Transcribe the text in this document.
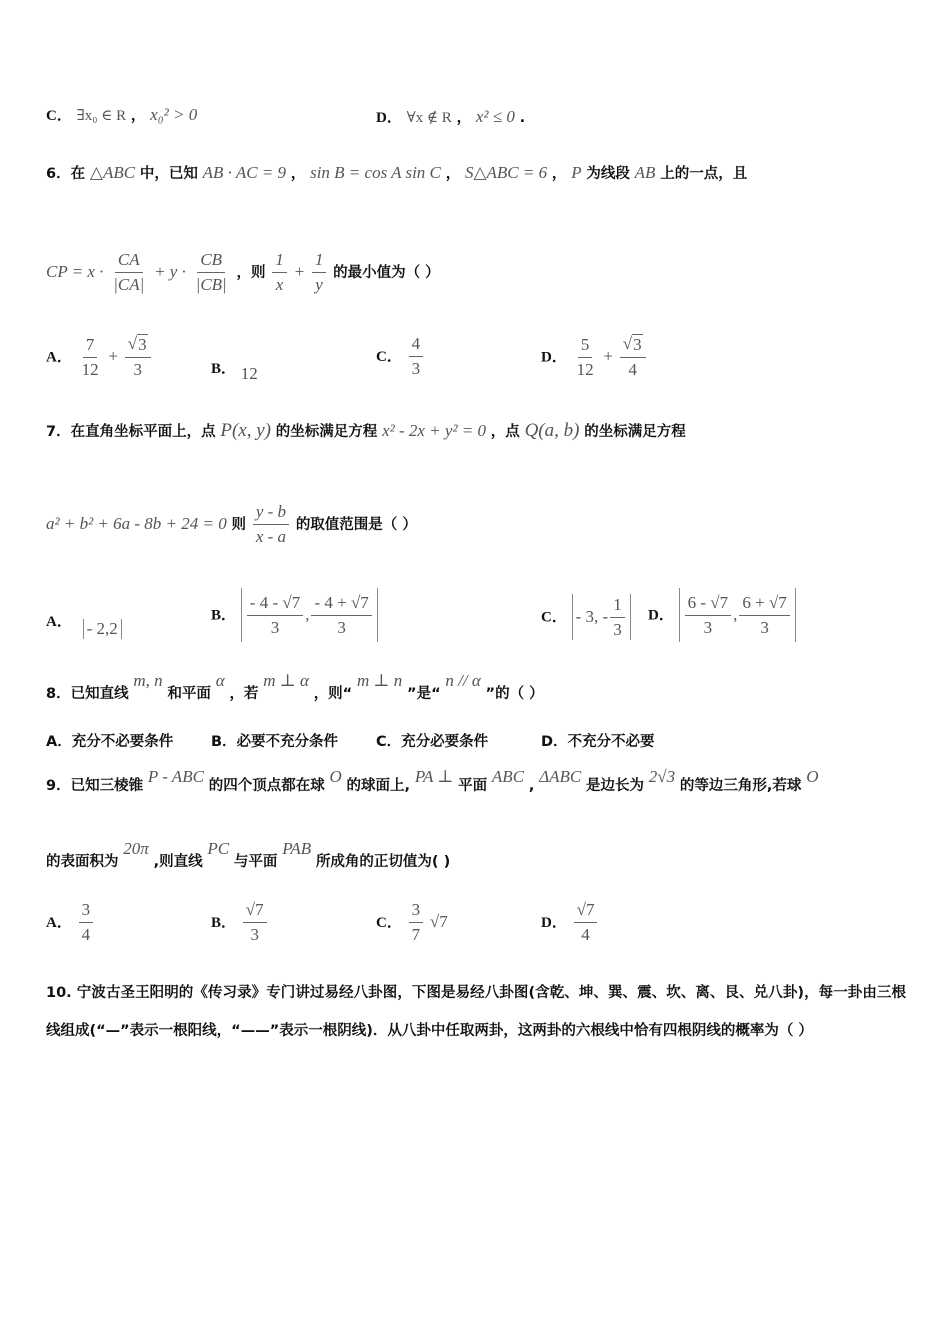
C． ∃x₀ ∈ R ， x₀² > 0	D． ∀x ∉ R ， x² ≤ 0 .
6．在 △ABC 中，已知 AB · AC = 9 ， sin B = cos A sin C ， S△ABC = 6 ， P 为线段 AB 上的一点，且
CP = $x \cdot \frac{CA}{|CA|} + y \cdot \frac{CB}{|CB|}$ ，则 $\frac{1}{x} + \frac{1}{y}$ 的最小值为（ ）
A． $\frac{7}{12} + \frac{√ 3}{3}$	B． 12
C． $\frac{4}{3}$	D． $\frac{5}{12} + \frac{√ 3}{4}$
7．在直角坐标平面上，点 P(x, y) 的坐标满足方程 x² - 2x + y² = 0 ，点 Q(a, b) 的坐标满足方程
a² + b² + 6a - 8b + 24 = 0 则 $\frac{y - b}{x - a}$ 的取值范围是（ ）
A． - 2,2
B． $\frac{- 4 - √7}{3}$ , $\frac{- 4 + √7}{3}$	C． - 3, - $\frac{1}{3}$ D． $\frac{6 - √7}{3}$ , $\frac{6 + √7}{3}$
8．已知直线 m, n 和平面 α ，若 m ⊥ α ，则“ m ⊥ n ”是“ n // α ”的（ ）
A．充分不必要条件	B．必要不充分条件	C．充分必要条件	D．不充分不必要
9．已知三棱锥 P - ABC 的四个顶点都在球 O 的球面上, PA ⊥ 平面 ABC , ΔABC 是边长为 2√3 的等边三角形,若球 O
的表面积为 20π ,则直线 PC 与平面 PAB 所成角的正切值为( )
A． $\frac{3}{4}$	B． $\frac{√7}{3}$	C． $\frac{3}{7} √7$	D． $\frac{√7}{4}$
10. 宁波古圣王阳明的《传习录》专门讲过易经八卦图，下图是易经八卦图(含乾、坤、巽、震、坎、离、艮、兑八卦)，每一卦由三根线组成(“—”表示一根阳线，“——”表示一根阴线)．从八卦中任取两卦，这两卦的六根线中恰有四根阴线的概率为（ ）
